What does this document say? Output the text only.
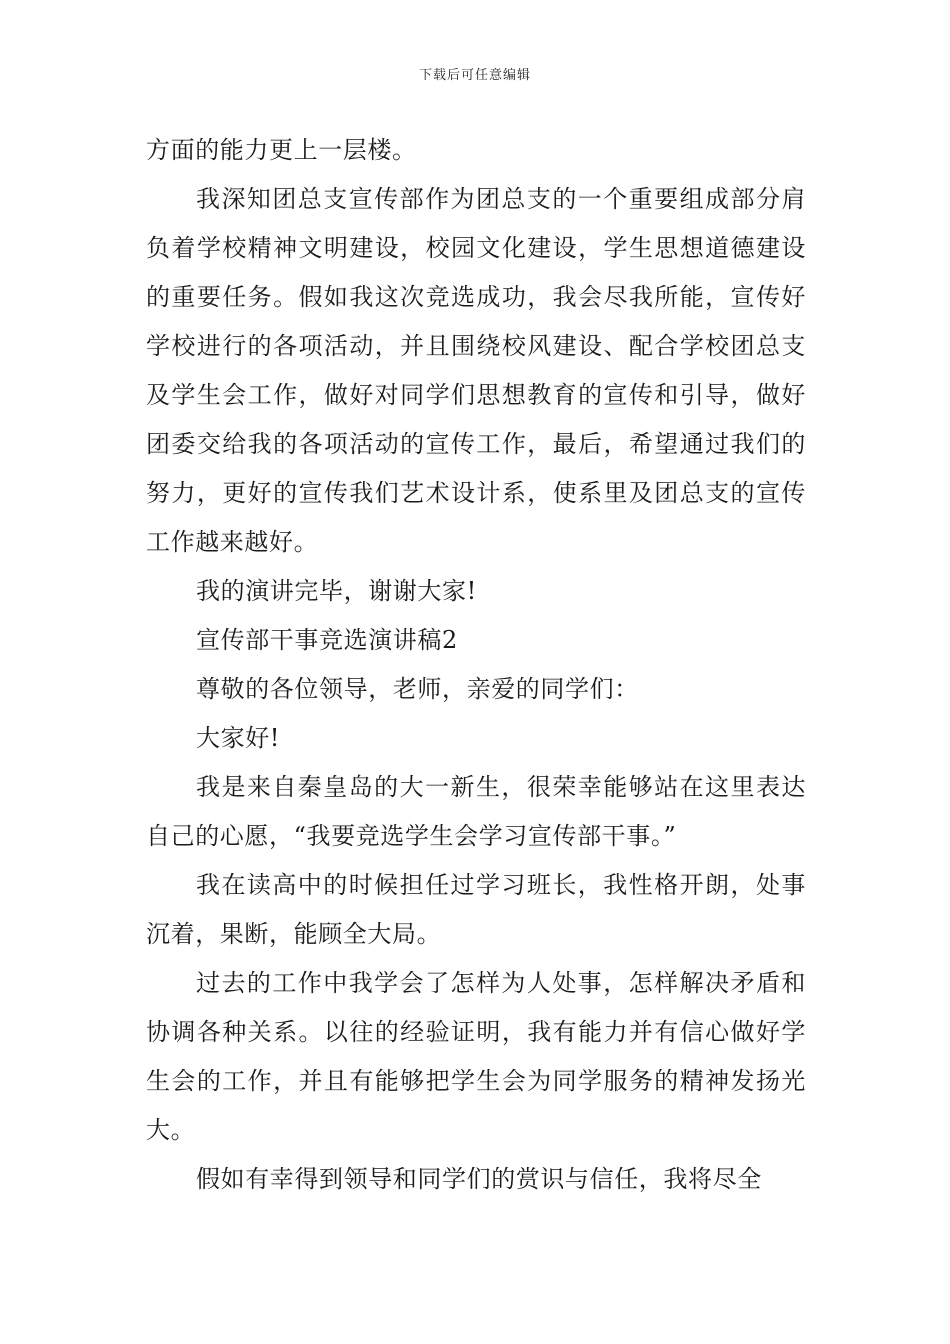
下载后可任意编辑

方面的能力更上一层楼。

我深知团总支宣传部作为团总支的一个重要组成部分肩负着学校精神文明建设，校园文化建设，学生思想道德建设的重要任务。假如我这次竞选成功，我会尽我所能，宣传好学校进行的各项活动，并且围绕校风建设、配合学校团总支及学生会工作，做好对同学们思想教育的宣传和引导，做好团委交给我的各项活动的宣传工作，最后，希望通过我们的努力，更好的宣传我们艺术设计系，使系里及团总支的宣传工作越来越好。

我的演讲完毕，谢谢大家!

宣传部干事竞选演讲稿2

尊敬的各位领导，老师，亲爱的同学们：

大家好!

我是来自秦皇岛的大一新生，很荣幸能够站在这里表达自己的心愿，“我要竞选学生会学习宣传部干事。”

我在读高中的时候担任过学习班长，我性格开朗，处事沉着，果断，能顾全大局。

过去的工作中我学会了怎样为人处事，怎样解决矛盾和协调各种关系。以往的经验证明，我有能力并有信心做好学生会的工作，并且有能够把学生会为同学服务的精神发扬光大。

假如有幸得到领导和同学们的赏识与信任，我将尽全
